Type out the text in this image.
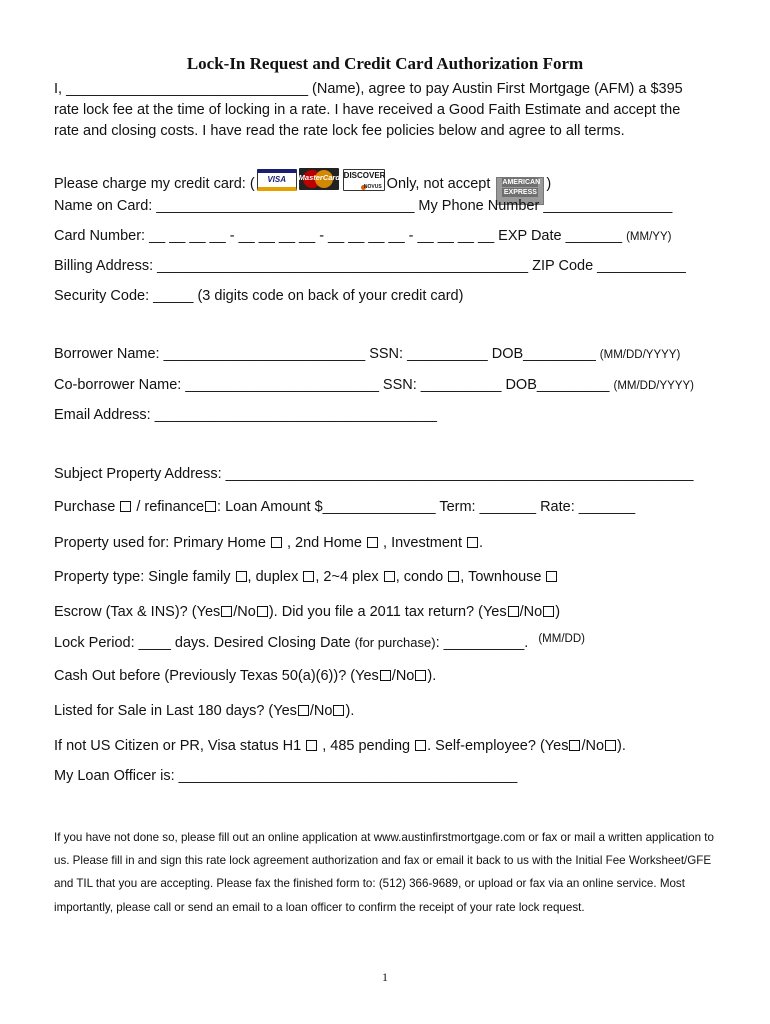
Lock-In Request and Credit Card Authorization Form
I, ______________________________ (Name), agree to pay Austin First Mortgage (AFM) a $395
rate lock fee at the time of locking in a rate. I have received a Good Faith Estimate and accept the
rate and closing costs. I have read the rate lock fee policies below and agree to all terms.
Please charge my credit card: (	VISA	MasterCard DISCOVER

NOVUS Only, not accept AMERICAN
EXPRESS
)
Name on Card: ________________________________ My Phone Number ________________
Card Number: __ __ __ __ - __ __ __ __ - __ __ __ __ - __ __ __ __ EXP Date _______ (MM/YY)
Billing Address: ______________________________________________ ZIP Code ___________
Security Code: _____ (3 digits code on back of your credit card)
Borrower Name: _________________________ SSN: __________ DOB_________ (MM/DD/YYYY)
Co-borrower Name: ________________________ SSN: __________ DOB_________ (MM/DD/YYYY)
Email Address: ___________________________________
Subject Property Address: __________________________________________________________
Purchase  / refinance : Loan Amount $______________ Term: _______ Rate: _______
Property used for: Primary Home  , 2nd Home  , Investment .
Property type: Single family , duplex , 2~4 plex , condo , Townhouse
Escrow (Tax & INS)? (Yes /No ). Did you file a 2011 tax return? (Yes /No )
Lock Period: ____ days. Desired Closing Date (for purchase): __________. $^{(MM/DD)}$
Cash Out before (Previously Texas 50(a)(6))? (Yes /No ).
Listed for Sale in Last 180 days? (Yes /No ).
If not US Citizen or PR, Visa status H1  , 485 pending . Self-employee? (Yes /No ).
My Loan Officer is: __________________________________________
If you have not done so, please fill out an online application at www.austinfirstmortgage.com or fax or mail a written application to us. Please fill in and sign this rate lock agreement authorization and fax or email it back to us with the Initial Fee Worksheet/GFE and TIL that you are accepting. Please fax the finished form to: (512) 366-9689, or upload or fax via an online service. Most importantly, please call or send an email to a loan officer to confirm the receipt of your rate lock request.
1
